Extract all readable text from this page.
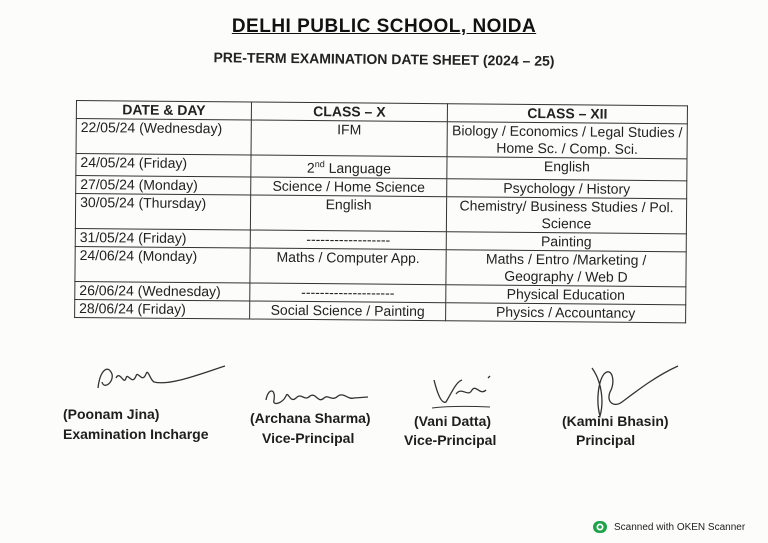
DELHI PUBLIC SCHOOL, NOIDA
PRE-TERM EXAMINATION DATE SHEET (2024 – 25)
DATE & DAY	CLASS – X	CLASS – XII
22/05/24 (Wednesday)	IFM	Biology / Economics / Legal Studies / Home Sc. / Comp. Sci.
24/05/24 (Friday)	2nd Language	English
27/05/24 (Monday)	Science / Home Science	Psychology / History
30/05/24 (Thursday)	English	Chemistry/ Business Studies / Pol. Science
31/05/24 (Friday)	------------------	Painting
24/06/24 (Monday)	Maths / Computer App.	Maths / Entro /Marketing / Geography / Web D
26/06/24 (Wednesday)	--------------------	Physical Education
28/06/24 (Friday)	Social Science / Painting	Physics / Accountancy
(Poonam Jina)
Examination Incharge
(Archana Sharma)
Vice-Principal
(Vani Datta)
Vice-Principal
(Kamini Bhasin)
Principal
Scanned with OKEN Scanner
